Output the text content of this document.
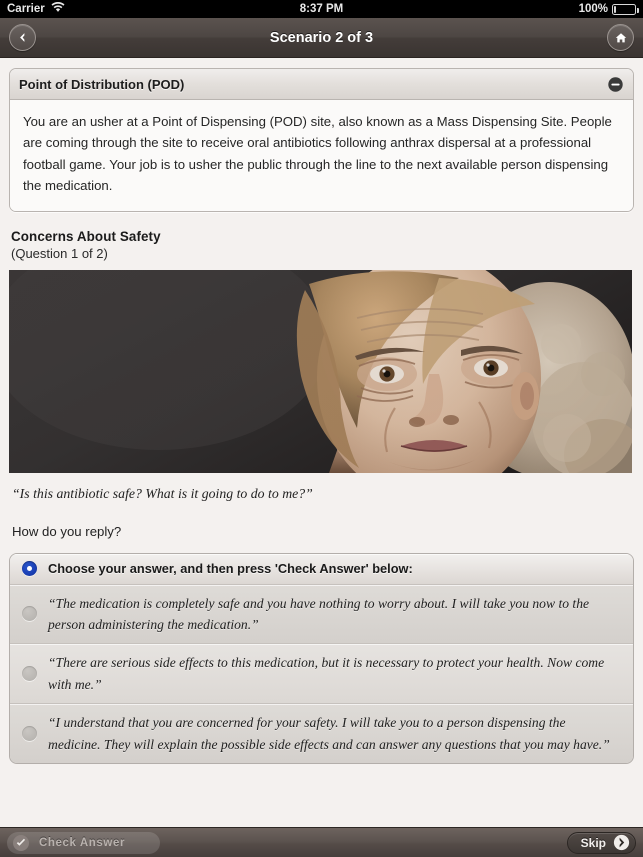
Carrier	8:37 PM	100%
Scenario 2 of 3
Point of Distribution (POD)
You are an usher at a Point of Dispensing (POD) site, also known as a Mass Dispensing Site. People are coming through the site to receive oral antibiotics following anthrax dispersal at a professional football game. Your job is to usher the public through the line to the next available person dispensing the medication.
Concerns About Safety
(Question 1 of 2)
“Is this antibiotic safe? What is it going to do to me?”
How do you reply?
Choose your answer, and then press 'Check Answer' below:
“The medication is completely safe and you have nothing to worry about. I will take you now to the person administering the medication.”
“There are serious side effects to this medication, but it is necessary to protect your health. Now come with me.”
“I understand that you are concerned for your safety. I will take you to a person dispensing the medicine. They will explain the possible side effects and can answer any questions that you may have.”
Check Answer	Skip
